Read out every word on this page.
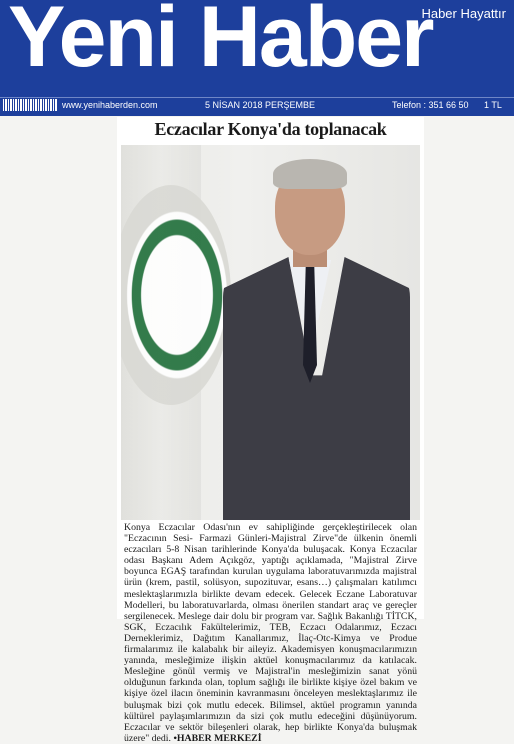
Yeni Haber
Haber Hayattır
www.yenihaberden.com	5 NİSAN 2018 PERŞEMBE	Telefon : 351 66 50 1 TL
Eczacılar Konya'da toplanacak

Konya Eczacılar Odası'nın ev sahipliğinde gerçekleştirilecek olan "Eczacının Sesi- Farmazi Günleri-Majistral Zirve"de ülkenin önemli eczacıları 5-8 Nisan tarihlerinde Konya'da buluşacak. Konya Eczacılar odası Başkanı Adem Açıkgöz, yaptığı açıklamada, "Majistral Zirve boyunca EGAŞ tarafından kurulan uygulama laboratuvarımızda majistral ürün (krem, pastil, solüsyon, supozituvar, esans…) çalışmaları katılımcı meslektaşlarımızla birlikte devam edecek. Gelecek Eczane Laboratuvar Modelleri, bu laboratuvarlarda, olması önerilen standart araç ve gereçler sergilenecek. Meslege dair dolu bir program var. Sağlık Bakanlığı TİTCK, SGK, Eczacılık Fakültelerimiz, TEB, Eczacı Odalarımız, Eczacı Derneklerimiz, Dağıtım Kanallarımız, İlaç-Otc-Kimya ve Produe firmalarımız ile kalabalık bir aileyiz. Akademisyen konuşmacılarımızın yanında, mesleğimize ilişkin aktüel konuşmacılarımız da katılacak. Mesleğine gönül vermiş ve Majistral'in mesleğimizin sanat yönü olduğunun farkında olan, toplum sağlığı ile birlikte kişiye özel bakım ve kişiye özel ilacın öneminin kavranmasını önceleyen meslektaşlarımız ile buluşmak bizi çok mutlu edecek. Bilimsel, aktüel programın yanında kültürel paylaşımlarımızın da sizi çok mutlu edeceğini düşünüyorum. Eczacılar ve sektör bileşenleri olarak, hep birlikte Konya'da buluşmak üzere" dedi. •HABER MERKEZİ
